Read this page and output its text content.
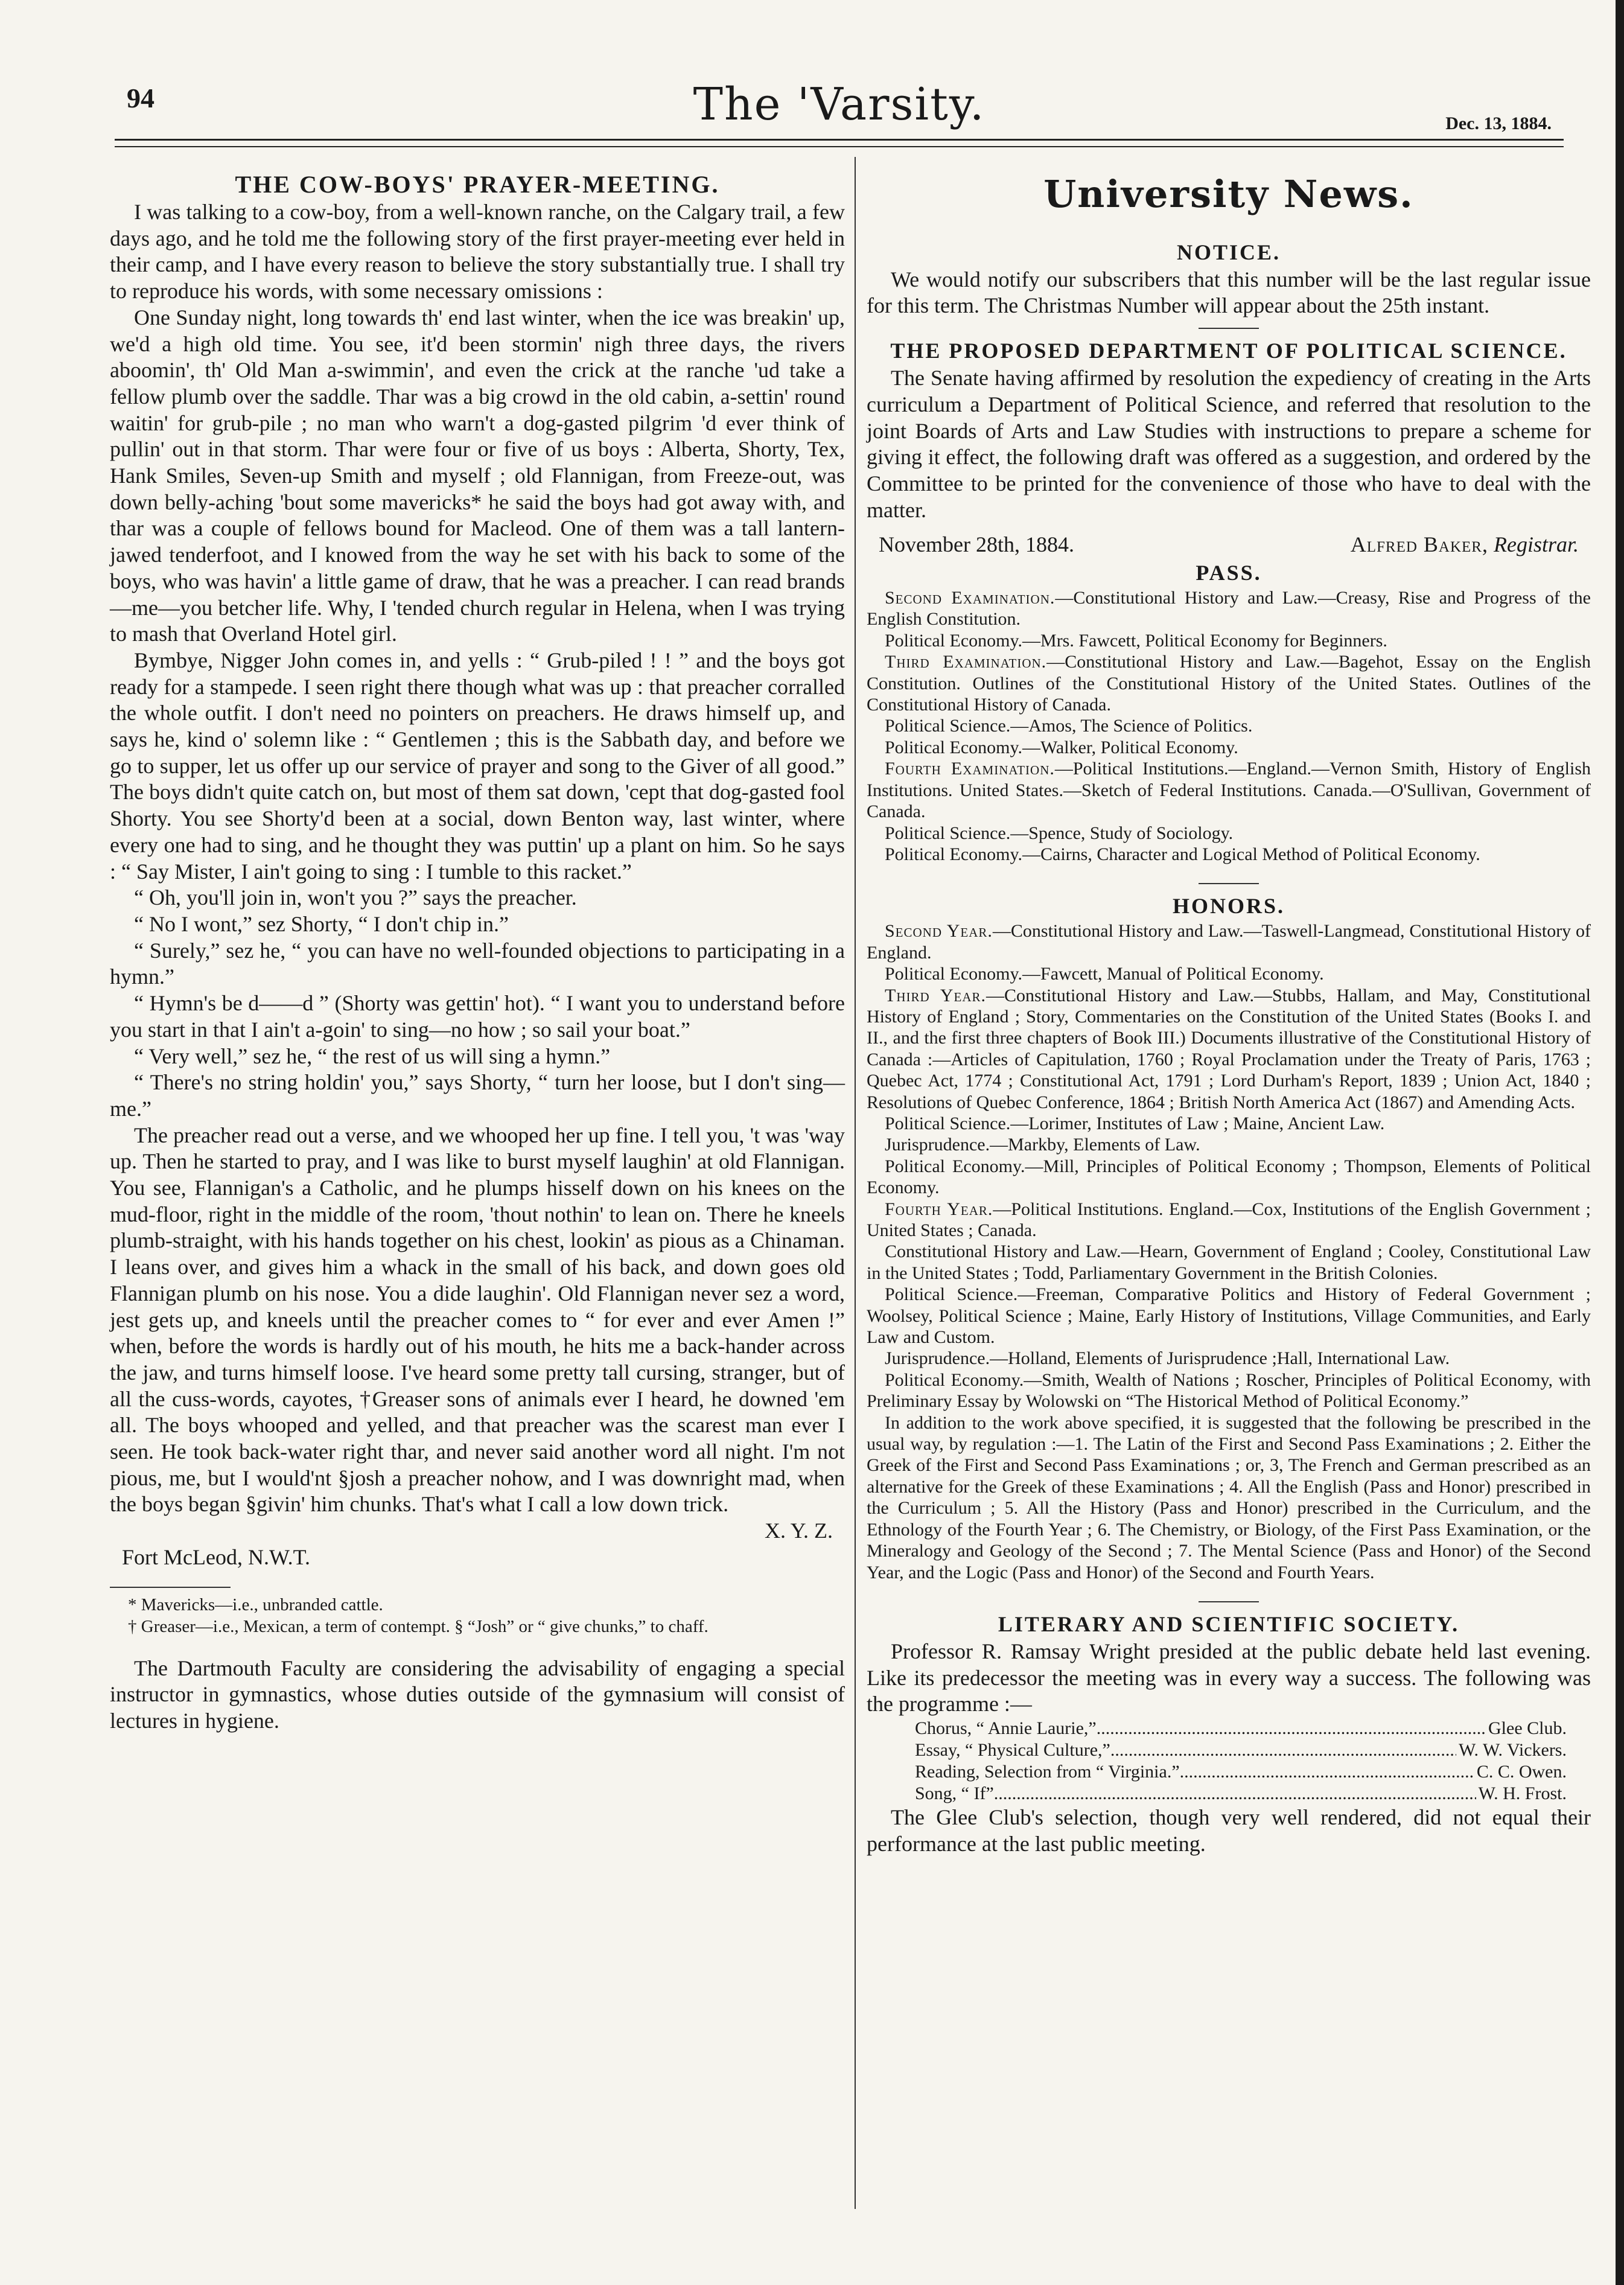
94	The 'Varsity.	Dec. 13, 1884.
THE COW-BOYS' PRAYER-MEETING.

I was talking to a cow-boy, from a well-known ranche, on the Calgary trail, a few days ago, and he told me the following story of the first prayer-meeting ever held in their camp, and I have every reason to believe the story substantially true. I shall try to reproduce his words, with some necessary omissions :

One Sunday night, long towards th' end last winter, when the ice was breakin' up, we'd a high old time. You see, it'd been stormin' nigh three days, the rivers aboomin', th' Old Man a-swimmin', and even the crick at the ranche 'ud take a fellow plumb over the saddle. Thar was a big crowd in the old cabin, a-settin' round waitin' for grub-pile ; no man who warn't a dog-gasted pilgrim 'd ever think of pullin' out in that storm. Thar were four or five of us boys : Alberta, Shorty, Tex, Hank Smiles, Seven-up Smith and myself ; old Flannigan, from Freeze-out, was down belly-aching 'bout some mavericks* he said the boys had got away with, and thar was a couple of fellows bound for Macleod. One of them was a tall lantern-jawed tenderfoot, and I knowed from the way he set with his back to some of the boys, who was havin' a little game of draw, that he was a preacher. I can read brands—me—you betcher life. Why, I 'tended church regular in Helena, when I was trying to mash that Overland Hotel girl.

Bymbye, Nigger John comes in, and yells : “ Grub-piled ! ! ” and the boys got ready for a stampede. I seen right there though what was up : that preacher corralled the whole outfit. I don't need no pointers on preachers. He draws himself up, and says he, kind o' solemn like : “ Gentlemen ; this is the Sabbath day, and before we go to supper, let us offer up our service of prayer and song to the Giver of all good.” The boys didn't quite catch on, but most of them sat down, 'cept that dog-gasted fool Shorty. You see Shorty'd been at a social, down Benton way, last winter, where every one had to sing, and he thought they was puttin' up a plant on him. So he says : “ Say Mister, I ain't going to sing : I tumble to this racket.”

“ Oh, you'll join in, won't you ?” says the preacher.

“ No I wont,” sez Shorty, “ I don't chip in.”

“ Surely,” sez he, “ you can have no well-founded objections to participating in a hymn.”

“ Hymn's be d——d ” (Shorty was gettin' hot). “ I want you to understand before you start in that I ain't a-goin' to sing—no how ; so sail your boat.”

“ Very well,” sez he, “ the rest of us will sing a hymn.”

“ There's no string holdin' you,” says Shorty, “ turn her loose, but I don't sing—me.”

The preacher read out a verse, and we whooped her up fine. I tell you, 't was 'way up. Then he started to pray, and I was like to burst myself laughin' at old Flannigan. You see, Flannigan's a Catholic, and he plumps hisself down on his knees on the mud-floor, right in the middle of the room, 'thout nothin' to lean on. There he kneels plumb-straight, with his hands together on his chest, lookin' as pious as a Chinaman. I leans over, and gives him a whack in the small of his back, and down goes old Flannigan plumb on his nose. You a dide laughin'. Old Flannigan never sez a word, jest gets up, and kneels until the preacher comes to “ for ever and ever Amen !” when, before the words is hardly out of his mouth, he hits me a back-hander across the jaw, and turns himself loose. I've heard some pretty tall cursing, stranger, but of all the cuss-words, cayotes, †Greaser sons of animals ever I heard, he downed 'em all. The boys whooped and yelled, and that preacher was the scarest man ever I seen. He took back-water right thar, and never said another word all night. I'm not pious, me, but I would'nt §josh a preacher nohow, and I was downright mad, when the boys began §givin' him chunks. That's what I call a low down trick.

X. Y. Z.
Fort McLeod, N.W.T.

* Mavericks—i.e., unbranded cattle.

† Greaser—i.e., Mexican, a term of contempt. § “Josh” or “ give chunks,” to chaff.

The Dartmouth Faculty are considering the advisability of engaging a special instructor in gymnastics, whose duties outside of the gymnasium will consist of lectures in hygiene.

University News.
NOTICE.

We would notify our subscribers that this number will be the last regular issue for this term. The Christmas Number will appear about the 25th instant.

THE PROPOSED DEPARTMENT OF POLITICAL SCIENCE.

The Senate having affirmed by resolution the expediency of creating in the Arts curriculum a Department of Political Science, and referred that resolution to the joint Boards of Arts and Law Studies with instructions to prepare a scheme for giving it effect, the following draft was offered as a suggestion, and ordered by the Committee to be printed for the convenience of those who have to deal with the matter.

November 28th, 1884.	Alfred Baker, Registrar.
PASS.

Second Examination.—Constitutional History and Law.—Creasy, Rise and Progress of the English Constitution.

Political Economy.—Mrs. Fawcett, Political Economy for Beginners.

Third Examination.—Constitutional History and Law.—Bagehot, Essay on the English Constitution. Outlines of the Constitutional History of the United States. Outlines of the Constitutional History of Canada.

Political Science.—Amos, The Science of Politics.

Political Economy.—Walker, Political Economy.

Fourth Examination.—Political Institutions.—England.—Vernon Smith, History of English Institutions. United States.—Sketch of Federal Institutions. Canada.—O'Sullivan, Government of Canada.

Political Science.—Spence, Study of Sociology.

Political Economy.—Cairns, Character and Logical Method of Political Economy.

HONORS.

Second Year.—Constitutional History and Law.—Taswell-Langmead, Constitutional History of England.

Political Economy.—Fawcett, Manual of Political Economy.

Third Year.—Constitutional History and Law.—Stubbs, Hallam, and May, Constitutional History of England ; Story, Commentaries on the Constitution of the United States (Books I. and II., and the first three chapters of Book III.) Documents illustrative of the Constitutional History of Canada :—Articles of Capitulation, 1760 ; Royal Proclamation under the Treaty of Paris, 1763 ; Quebec Act, 1774 ; Constitutional Act, 1791 ; Lord Durham's Report, 1839 ; Union Act, 1840 ; Resolutions of Quebec Conference, 1864 ; British North America Act (1867) and Amending Acts.

Political Science.—Lorimer, Institutes of Law ; Maine, Ancient Law.

Jurisprudence.—Markby, Elements of Law.

Political Economy.—Mill, Principles of Political Economy ; Thompson, Elements of Political Economy.

Fourth Year.—Political Institutions. England.—Cox, Institutions of the English Government ; United States ; Canada.

Constitutional History and Law.—Hearn, Government of England ; Cooley, Constitutional Law in the United States ; Todd, Parliamentary Government in the British Colonies.

Political Science.—Freeman, Comparative Politics and History of Federal Government ; Woolsey, Political Science ; Maine, Early History of Institutions, Village Communities, and Early Law and Custom.

Jurisprudence.—Holland, Elements of Jurisprudence ;Hall, International Law.

Political Economy.—Smith, Wealth of Nations ; Roscher, Principles of Political Economy, with Preliminary Essay by Wolowski on “The Historical Method of Political Economy.”

In addition to the work above specified, it is suggested that the following be prescribed in the usual way, by regulation :—1. The Latin of the First and Second Pass Examinations ; 2. Either the Greek of the First and Second Pass Examinations ; or, 3, The French and German prescribed as an alternative for the Greek of these Examinations ; 4. All the English (Pass and Honor) prescribed in the Curriculum ; 5. All the History (Pass and Honor) prescribed in the Curriculum, and the Ethnology of the Fourth Year ; 6. The Chemistry, or Biology, of the First Pass Examination, or the Mineralogy and Geology of the Second ; 7. The Mental Science (Pass and Honor) of the Second Year, and the Logic (Pass and Honor) of the Second and Fourth Years.

LITERARY AND SCIENTIFIC SOCIETY.

Professor R. Ramsay Wright presided at the public debate held last evening. Like its predecessor the meeting was in every way a success. The following was the programme :—

Chorus, “ Annie Laurie,” .....	Glee Club.
Essay, “ Physical Culture,” .....	W. W. Vickers.
Reading, Selection from “ Virginia.” .....	C. C. Owen.
Song, “ If” .....	W. H. Frost.

The Glee Club's selection, though very well rendered, did not equal their performance at the last public meeting.
